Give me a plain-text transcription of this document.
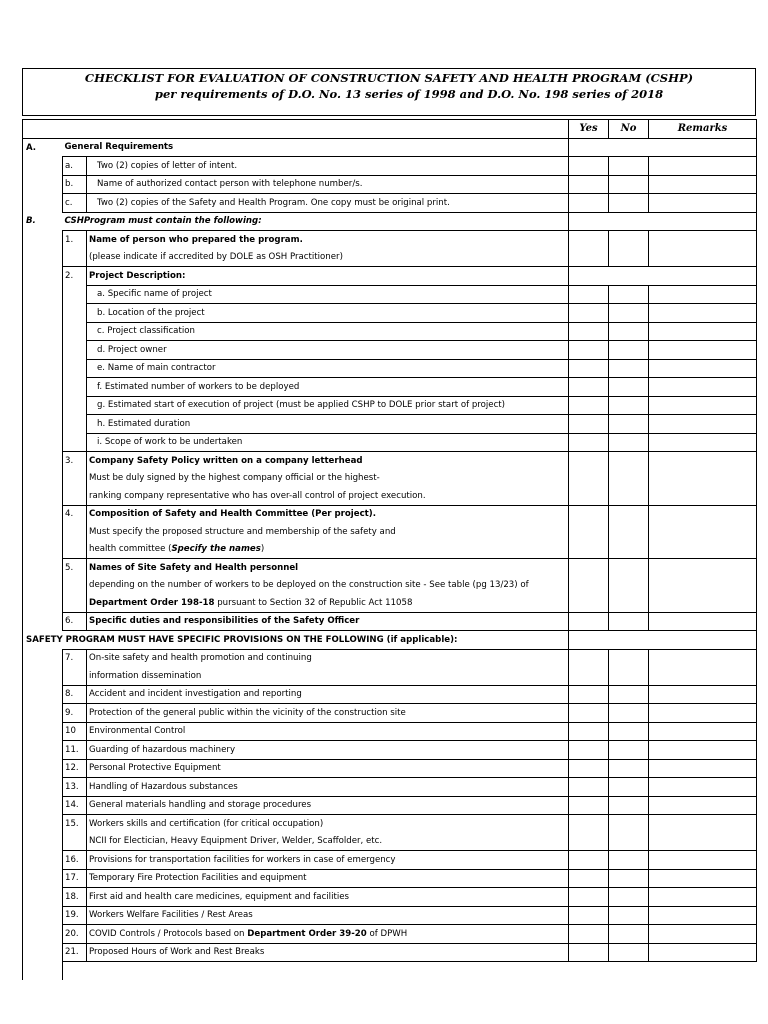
CHECKLIST FOR EVALUATION OF CONSTRUCTION SAFETY AND HEALTH PROGRAM (CSHP)
per requirements of D.O. No. 13 series of 1998 and D.O. No. 198 series of 2018
			Yes	No	Remarks
A.	General Requirements				
	a.	Two (2) copies of letter of intent.			
	b.	Name of authorized contact person with telephone number/s.			
	c.	Two (2) copies of the Safety and Health Program. One copy must be original print.			
B.	CSHProgram must contain the following:				
	1.	Name of person who prepared the program.			
		(please indicate if accredited by DOLE as OSH Practitioner)			
	2.	Project Description:			
		a. Specific name of project			
		b. Location of the project			
		c. Project classification			
		d. Project owner			
		e. Name of main contractor			
		f. Estimated number of workers to be deployed			
		g. Estimated start of execution of project (must be applied CSHP to DOLE prior start of project)			
		h. Estimated duration			
		i. Scope of work to be undertaken			
	3.	Company Safety Policy written on a company letterhead			
		Must be duly signed by the highest company official or the highest-			
		ranking company representative who has over-all control of project execution.			
	4.	Composition of Safety and Health Committee (Per project).			
		Must specify the proposed structure and membership of the safety and			
		health committee (Specify the names)			
	5.	Names of Site Safety and Health personnel			
		depending on the number of workers to be deployed on the construction site - See table (pg 13/23) of			
		Department Order 198-18 pursuant to Section 32 of Republic Act 11058			
	6.	Specific duties and responsibilities of the Safety Officer			
SAFETY PROGRAM MUST HAVE SPECIFIC PROVISIONS ON THE FOLLOWING (if applicable):					
	7.	On-site safety and health promotion and continuing			
		information dissemination			
	8.	Accident and incident investigation and reporting			
	9.	Protection of the general public within the vicinity of the construction site			
	10	Environmental Control			
	11.	Guarding of hazardous machinery			
	12.	Personal Protective Equipment			
	13.	Handling of Hazardous substances			
	14.	General materials handling and storage procedures			
	15.	Workers skills and certification (for critical occupation)			
		NCII for Electician, Heavy Equipment Driver, Welder, Scaffolder, etc.			
	16.	Provisions for transportation facilities for workers in case of emergency			
	17.	Temporary Fire Protection Facilities and equipment			
	18.	First aid and health care medicines, equipment and facilities			
	19.	Workers Welfare Facilities / Rest Areas			
	20.	COVID Controls / Protocols based on Department Order 39-20 of DPWH			
	21.	Proposed Hours of Work and Rest Breaks			
